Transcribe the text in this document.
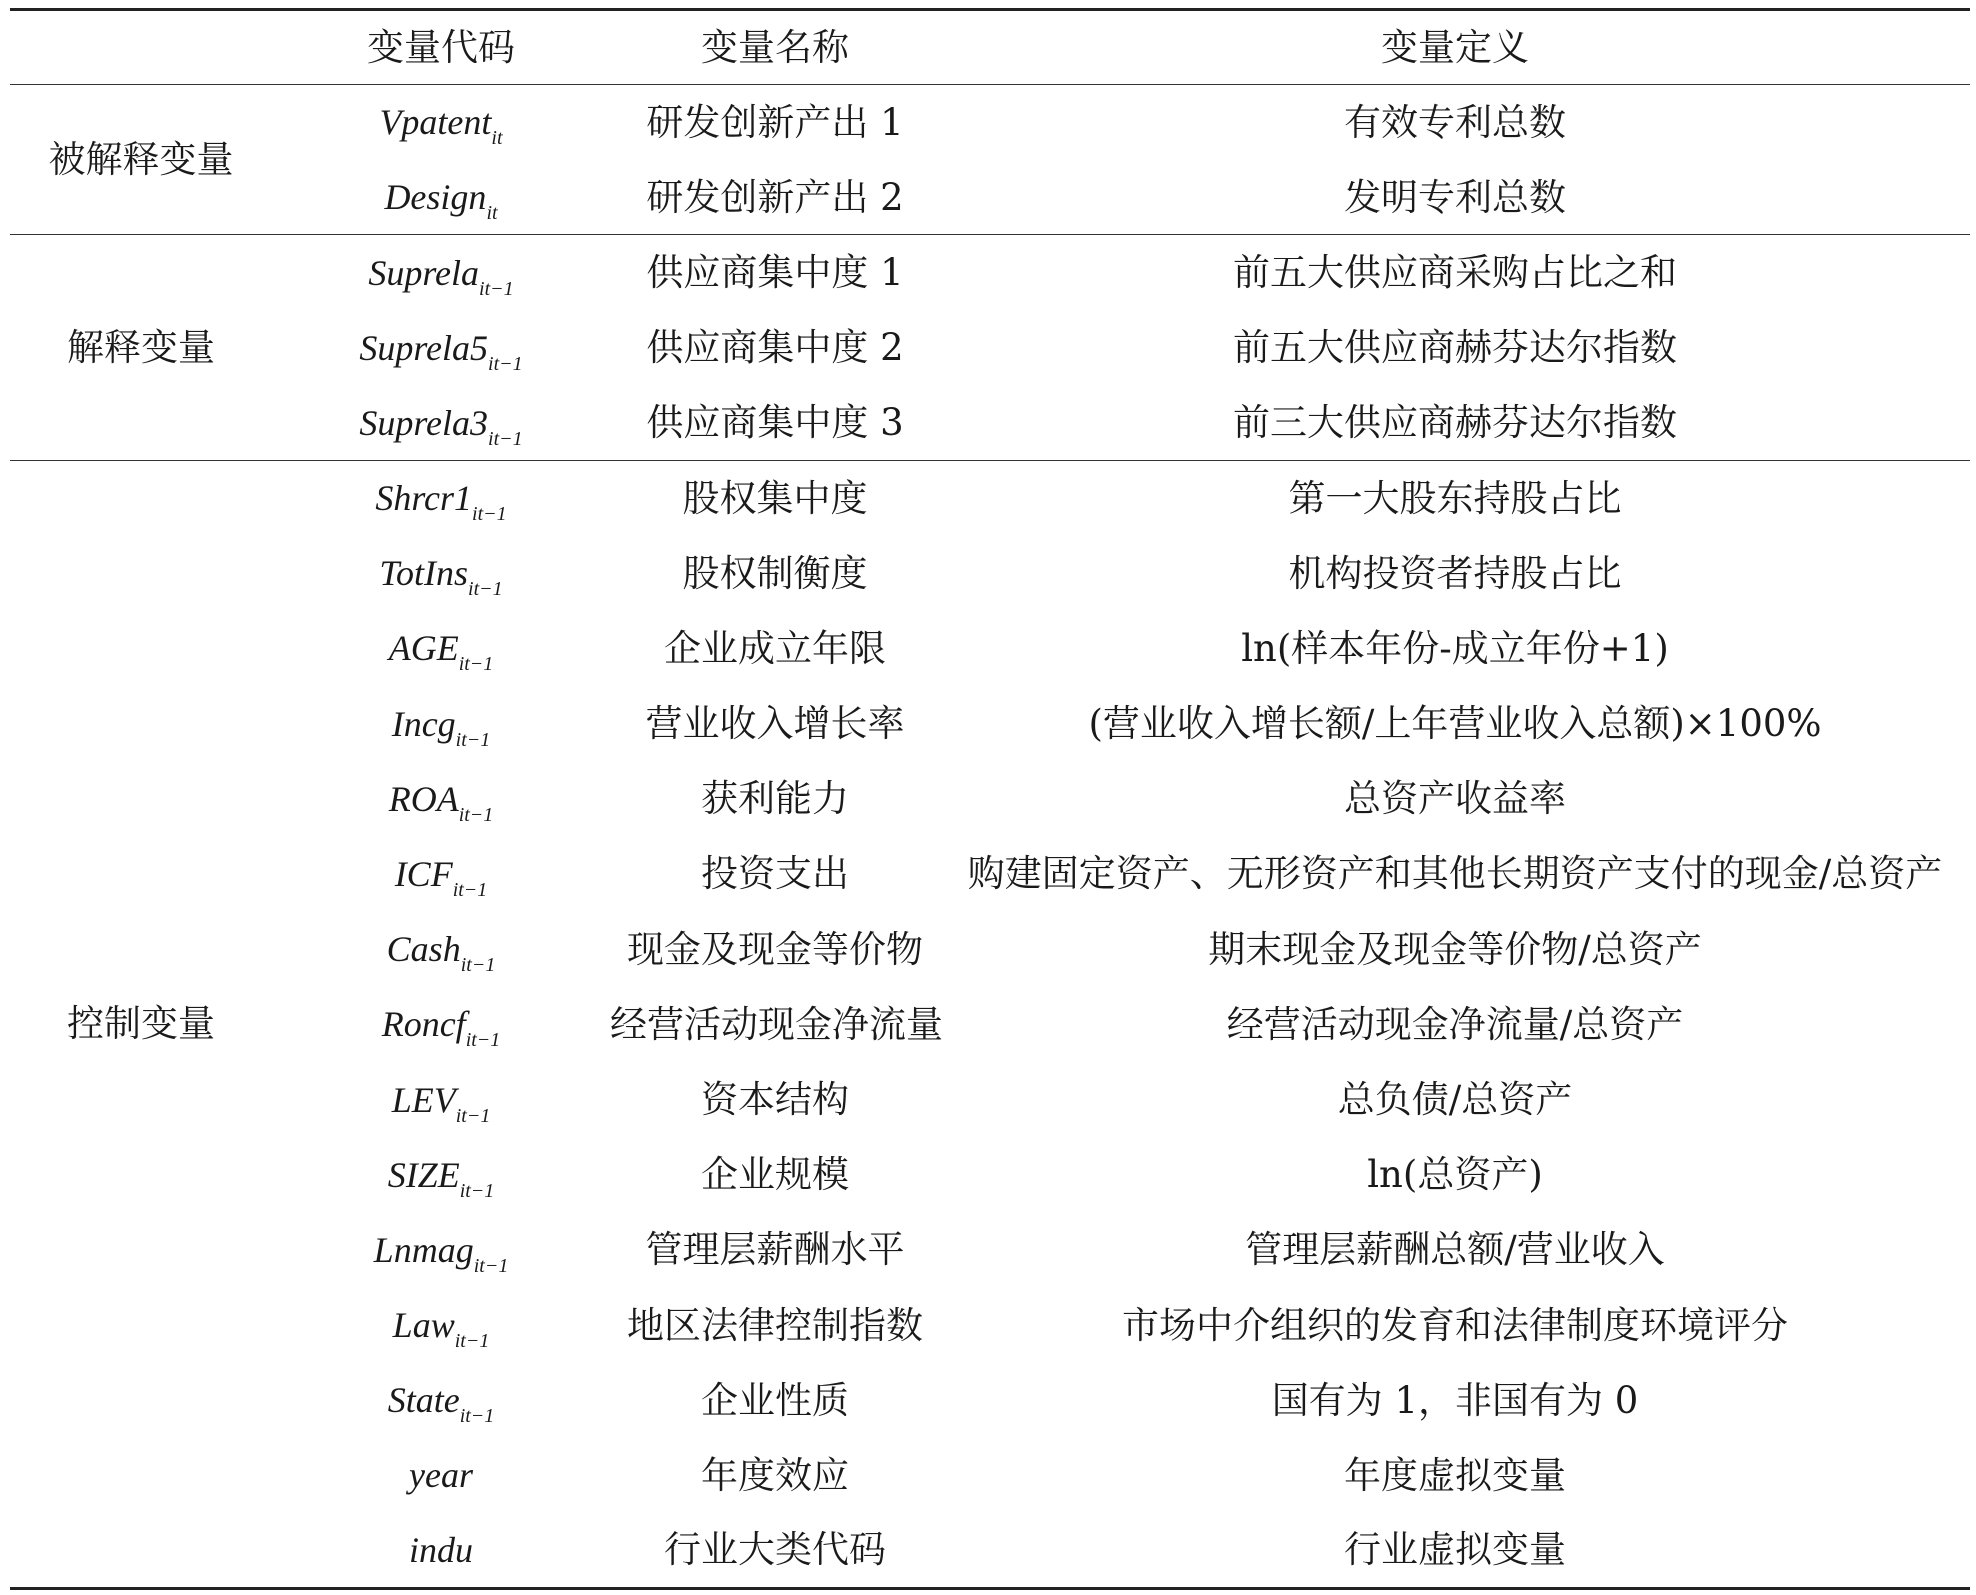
	变量代码	变量名称	变量定义
被解释变量	Vpatent$_{it}$	研发创新产出 1	有效专利总数
	Design$_{it}$	研发创新产出 2	发明专利总数
解释变量	Suprela$_{it-1}$	供应商集中度 1	前五大供应商采购占比之和
	$Suprela5_{it-1}$	供应商集中度 2	前五大供应商赫芬达尔指数
	$Suprela3_{it-1}$	供应商集中度 3	前三大供应商赫芬达尔指数
控制变量	$Shrcr1_{it-1}$	股权集中度	第一大股东持股占比
	TotIns$_{it-1}$	股权制衡度	机构投资者持股占比
	$AGE_{it-1}$	企业成立年限	ln(样本年份-成立年份+1)
	Incg$_{it-1}$	营业收入增长率	(营业收入增长额/上年营业收入总额)×100%
	$ROA_{it-1}$	获利能力	总资产收益率
	$ICF_{it-1}$	投资支出	购建固定资产、无形资产和其他长期资产支付的现金/总资产
	Cash$_{it-1}$	现金及现金等价物	期末现金及现金等价物/总资产
	Roncf$_{it-1}$	经营活动现金净流量	经营活动现金净流量/总资产
	$LEV_{it-1}$	资本结构	总负债/总资产
	$SIZE_{it-1}$	企业规模	ln(总资产)
	Lnmag$_{it-1}$	管理层薪酬水平	管理层薪酬总额/营业收入
	Law$_{it-1}$	地区法律控制指数	市场中介组织的发育和法律制度环境评分
	State$_{it-1}$	企业性质	国有为 1，非国有为 0
	year	年度效应	年度虚拟变量
	indu	行业大类代码	行业虚拟变量
